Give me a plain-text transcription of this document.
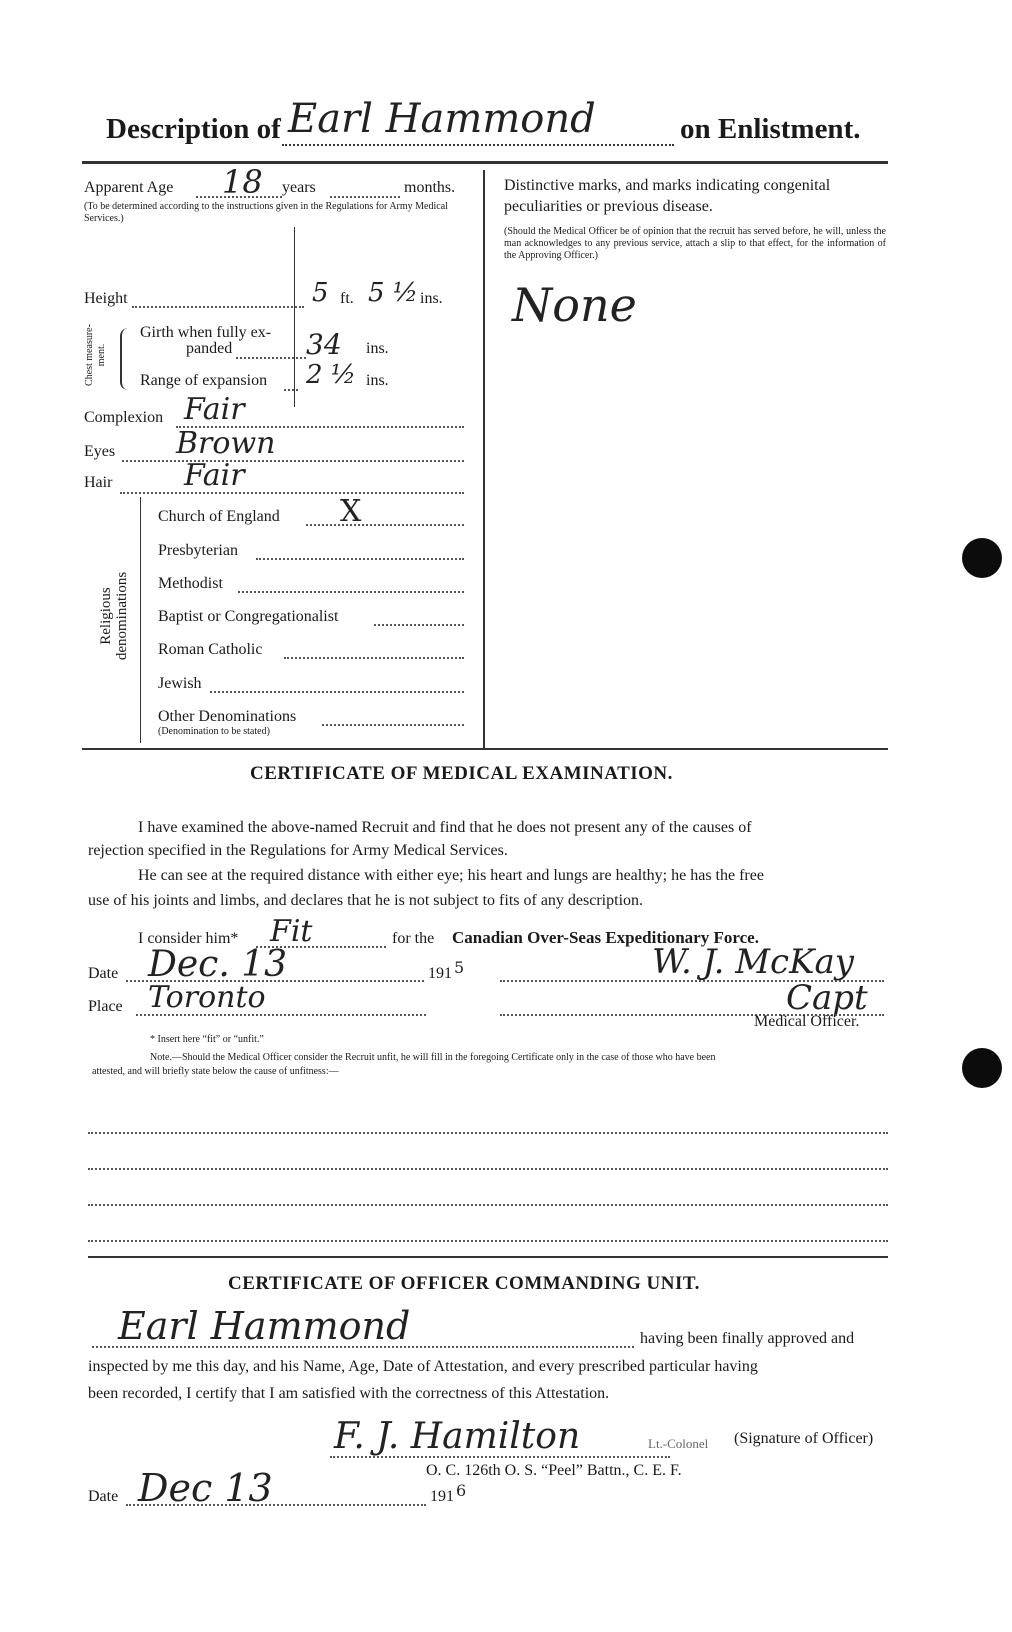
Description of Earl Hammond	on Enlistment.
Apparent Age 18 years	months.
(To be determined according to the instructions given in the Regulations for Army Medical Services.)
Height	5 ft. 5 ½ ins.
Chest measure-ment.
Girth when fully ex-
panded	34 ins.
Range of expansion 2 ½ ins.
Complexion Fair
Eyes Brown
Hair Fair
Religious denominations
Church of England X
Presbyterian
Methodist
Baptist or Congregationalist
Roman Catholic
Jewish
Other Denominations
(Denomination to be stated)
Distinctive marks, and marks indicating congenital
peculiarities or previous disease.
(Should the Medical Officer be of opinion that the recruit has served before, he will, unless the man acknowledges to any previous service, attach a slip to that effect, for the information of the Approving Officer.)
None
CERTIFICATE OF MEDICAL EXAMINATION.
I have examined the above-named Recruit and find that he does not present any of the causes of
rejection specified in the Regulations for Army Medical Services.
He can see at the required distance with either eye; his heart and lungs are healthy; he has the free
use of his joints and limbs, and declares that he is not subject to fits of any description.
I consider him* Fit	for the Canadian Over-Seas Expeditionary Force.
Date Dec. 13	191 5	W. J. McKay
Place Toronto	Capt
Medical Officer.
* Insert here “fit” or “unfit.”
Note.—Should the Medical Officer consider the Recruit unfit, he will fill in the foregoing Certificate only in the case of those who have been
attested, and will briefly state below the cause of unfitness:—
CERTIFICATE OF OFFICER COMMANDING UNIT.
Earl Hammond	having been finally approved and
inspected by me this day, and his Name, Age, Date of Attestation, and every prescribed particular having
been recorded, I certify that I am satisfied with the correctness of this Attestation.
F. J. Hamilton	Lt.-Colonel (Signature of Officer)
O. C. 126th O. S. “Peel” Battn., C. E. F.
Date Dec 13	191 6
